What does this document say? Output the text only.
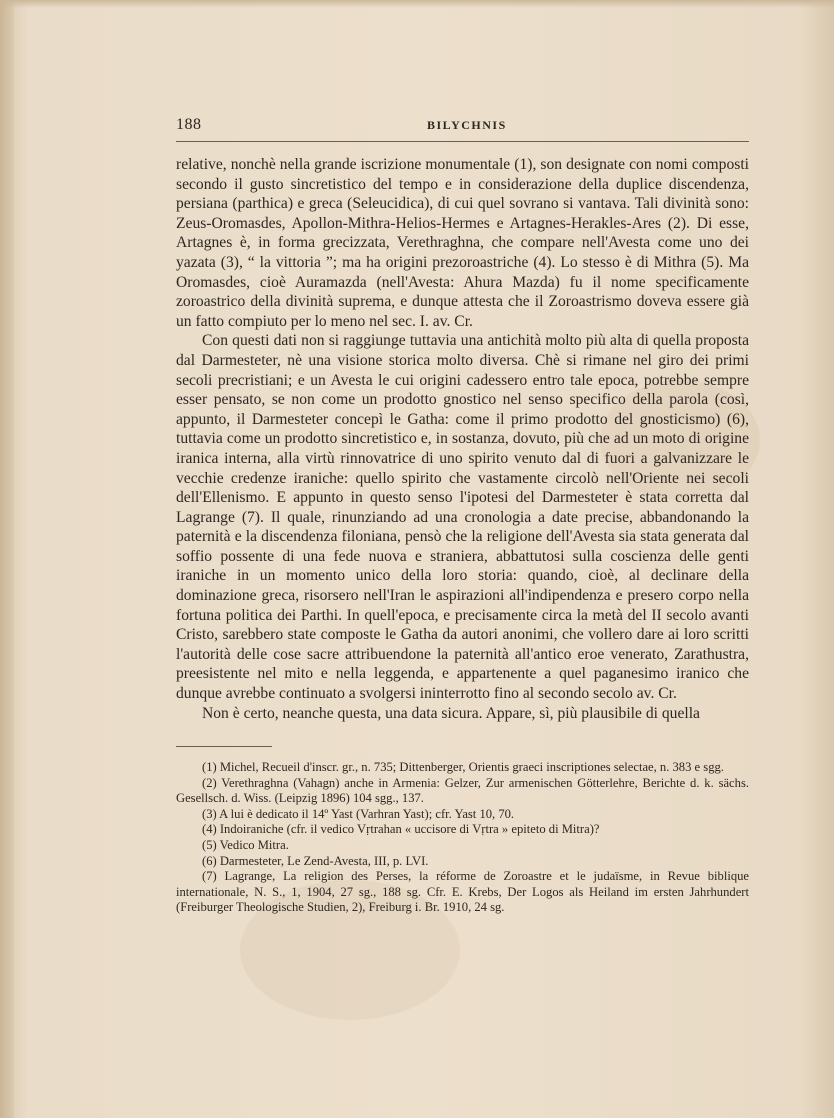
188	BILYCHNIS

relative, nonchè nella grande iscrizione monumentale (1), son designate con nomi composti secondo il gusto sincretistico del tempo e in considerazione della duplice discendenza, persiana (parthica) e greca (Seleucidica), di cui quel sovrano si vantava. Tali divinità sono: Zeus-Oromasdes, Apollon-Mithra-Helios-Hermes e Artagnes-Herakles-Ares (2). Di esse, Artagnes è, in forma grecizzata, Verethraghna, che compare nell'Avesta come uno dei yazata (3), “ la vittoria ”; ma ha origini prezoroastriche (4). Lo stesso è di Mithra (5). Ma Oromasdes, cioè Auramazda (nell'Avesta: Ahura Mazda) fu il nome specificamente zoroastrico della divinità suprema, e dunque attesta che il Zoroastrismo doveva essere già un fatto compiuto per lo meno nel sec. I. av. Cr.

Con questi dati non si raggiunge tuttavia una antichità molto più alta di quella proposta dal Darmesteter, nè una visione storica molto diversa. Chè si rimane nel giro dei primi secoli precristiani; e un Avesta le cui origini cadessero entro tale epoca, potrebbe sempre esser pensato, se non come un prodotto gnostico nel senso specifico della parola (così, appunto, il Darmesteter concepì le Gatha: come il primo prodotto del gnosticismo) (6), tuttavia come un prodotto sincretistico e, in sostanza, dovuto, più che ad un moto di origine iranica interna, alla virtù rinnovatrice di uno spirito venuto dal di fuori a galvanizzare le vecchie credenze iraniche: quello spirito che vastamente circolò nell'Oriente nei secoli dell'Ellenismo. E appunto in questo senso l'ipotesi del Darmesteter è stata corretta dal Lagrange (7). Il quale, rinunziando ad una cronologia a date precise, abbandonando la paternità e la discendenza filoniana, pensò che la religione dell'Avesta sia stata generata dal soffio possente di una fede nuova e straniera, abbattutosi sulla coscienza delle genti iraniche in un momento unico della loro storia: quando, cioè, al declinare della dominazione greca, risorsero nell'Iran le aspirazioni all'indipendenza e presero corpo nella fortuna politica dei Parthi. In quell'epoca, e precisamente circa la metà del II secolo avanti Cristo, sarebbero state composte le Gatha da autori anonimi, che vollero dare ai loro scritti l'autorità delle cose sacre attribuendone la paternità all'antico eroe venerato, Zarathustra, preesistente nel mito e nella leggenda, e appartenente a quel paganesimo iranico che dunque avrebbe continuato a svolgersi ininterrotto fino al secondo secolo av. Cr.

Non è certo, neanche questa, una data sicura. Appare, sì, più plausibile di quella

(1) Michel, Recueil d'inscr. gr., n. 735; Dittenberger, Orientis graeci inscriptiones selectae, n. 383 e sgg.

(2) Verethraghna (Vahagn) anche in Armenia: Gelzer, Zur armenischen Götterlehre, Berichte d. k. sächs. Gesellsch. d. Wiss. (Leipzig 1896) 104 sgg., 137.

(3) A lui è dedicato il 14º Yast (Varhran Yast); cfr. Yast 10, 70.

(4) Indoiraniche (cfr. il vedico Vṛtrahan « uccisore di Vṛtra » epiteto di Mitra)?

(5) Vedico Mitra.

(6) Darmesteter, Le Zend-Avesta, III, p. LVI.

(7) Lagrange, La religion des Perses, la réforme de Zoroastre et le judaïsme, in Revue biblique internationale, N. S., 1, 1904, 27 sg., 188 sg. Cfr. E. Krebs, Der Logos als Heiland im ersten Jahrhundert (Freiburger Theologische Studien, 2), Freiburg i. Br. 1910, 24 sg.
